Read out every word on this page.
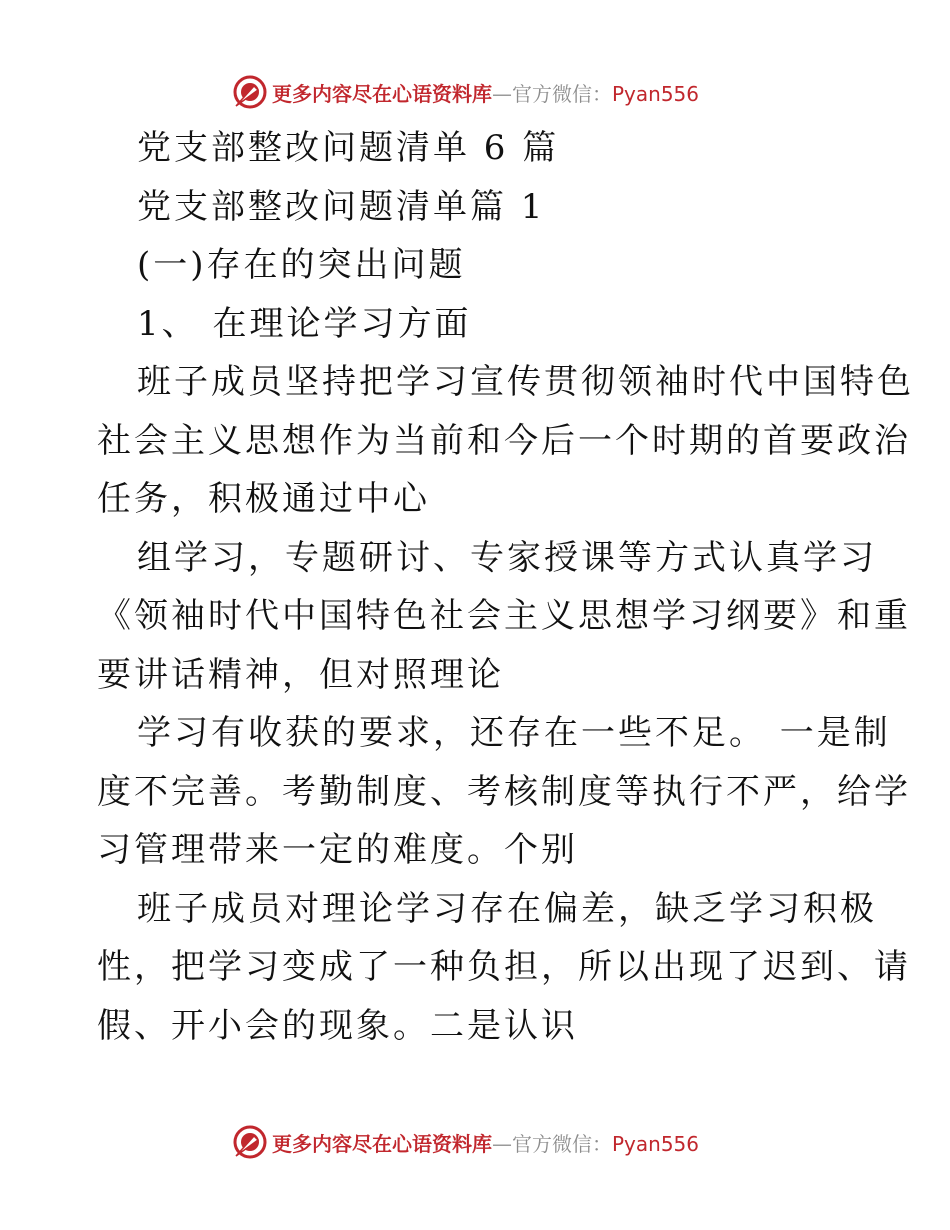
更多内容尽在心语资料库—官方微信：Pyan556
党支部整改问题清单 6 篇
党支部整改问题清单篇 1
(一)存在的突出问题
1、 在理论学习方面
班子成员坚持把学习宣传贯彻领袖时代中国特色
社会主义思想作为当前和今后一个时期的首要政治
任务，积极通过中心
组学习，专题研讨、专家授课等方式认真学习
《领袖时代中国特色社会主义思想学习纲要》和重
要讲话精神，但对照理论
学习有收获的要求，还存在一些不足。 一是制
度不完善。考勤制度、考核制度等执行不严，给学
习管理带来一定的难度。个别
班子成员对理论学习存在偏差，缺乏学习积极
性，把学习变成了一种负担，所以出现了迟到、请
假、开小会的现象。二是认识
更多内容尽在心语资料库—官方微信：Pyan556
